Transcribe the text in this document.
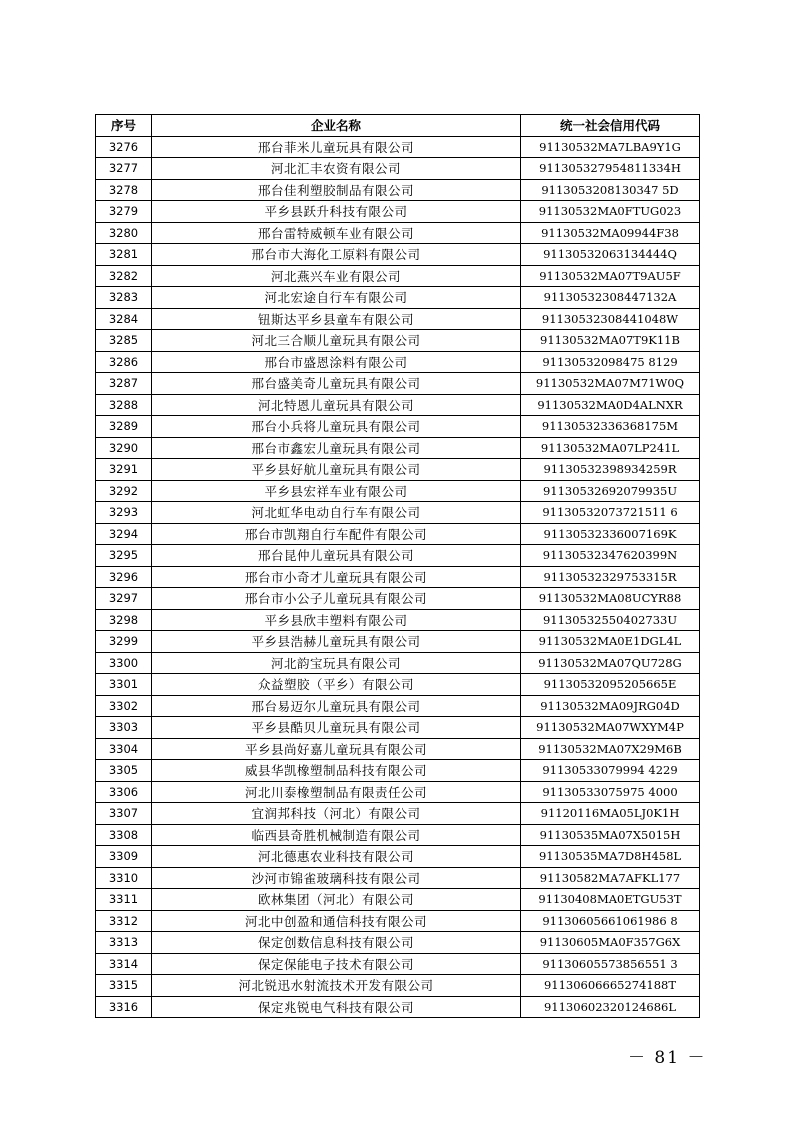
序号	企业名称	统一社会信用代码
3276	邢台菲米儿童玩具有限公司	91130532MA7LBA9Y1G
3277	河北汇丰农资有限公司	911305327954811334H
3278	邢台佳利塑胶制品有限公司	9113053208130347 5D
3279	平乡县跃升科技有限公司	91130532MA0FTUG023
3280	邢台雷特威顿车业有限公司	91130532MA09944F38
3281	邢台市大海化工原料有限公司	91130532063134444Q
3282	河北燕兴车业有限公司	91130532MA07T9AU5F
3283	河北宏途自行车有限公司	91130532308447132A
3284	钮斯达平乡县童车有限公司	91130532308441048W
3285	河北三合顺儿童玩具有限公司	91130532MA07T9K11B
3286	邢台市盛恩涂料有限公司	91130532098475 8129
3287	邢台盛美奇儿童玩具有限公司	91130532MA07M71W0Q
3288	河北特恩儿童玩具有限公司	91130532MA0D4ALNXR
3289	邢台小兵将儿童玩具有限公司	91130532336368175M
3290	邢台市鑫宏儿童玩具有限公司	91130532MA07LP241L
3291	平乡县好航儿童玩具有限公司	91130532398934259R
3292	平乡县宏祥车业有限公司	91130532692079935U
3293	河北虹华电动自行车有限公司	91130532073721511 6
3294	邢台市凯翔自行车配件有限公司	91130532336007169K
3295	邢台昆仲儿童玩具有限公司	91130532347620399N
3296	邢台市小奇才儿童玩具有限公司	91130532329753315R
3297	邢台市小公子儿童玩具有限公司	91130532MA08UCYR88
3298	平乡县欣丰塑料有限公司	91130532550402733U
3299	平乡县浩赫儿童玩具有限公司	91130532MA0E1DGL4L
3300	河北韵宝玩具有限公司	91130532MA07QU728G
3301	众益塑胶（平乡）有限公司	91130532095205665E
3302	邢台易迈尔儿童玩具有限公司	91130532MA09JRG04D
3303	平乡县酷贝儿童玩具有限公司	91130532MA07WXYM4P
3304	平乡县尚好嘉儿童玩具有限公司	91130532MA07X29M6B
3305	威县华凯橡塑制品科技有限公司	91130533079994 4229
3306	河北川泰橡塑制品有限责任公司	91130533075975 4000
3307	宜润邦科技（河北）有限公司	91120116MA05LJ0K1H
3308	临西县奇胜机械制造有限公司	91130535MA07X5015H
3309	河北德惠农业科技有限公司	91130535MA7D8H458L
3310	沙河市锦雀玻璃科技有限公司	91130582MA7AFKL177
3311	欧林集团（河北）有限公司	91130408MA0ETGU53T
3312	河北中创盈和通信科技有限公司	91130605661061986 8
3313	保定创数信息科技有限公司	91130605MA0F357G6X
3314	保定保能电子技术有限公司	91130605573856551 3
3315	河北锐迅水射流技术开发有限公司	91130606665274188T
3316	保定兆锐电气科技有限公司	91130602320124686L
－ 81 －
